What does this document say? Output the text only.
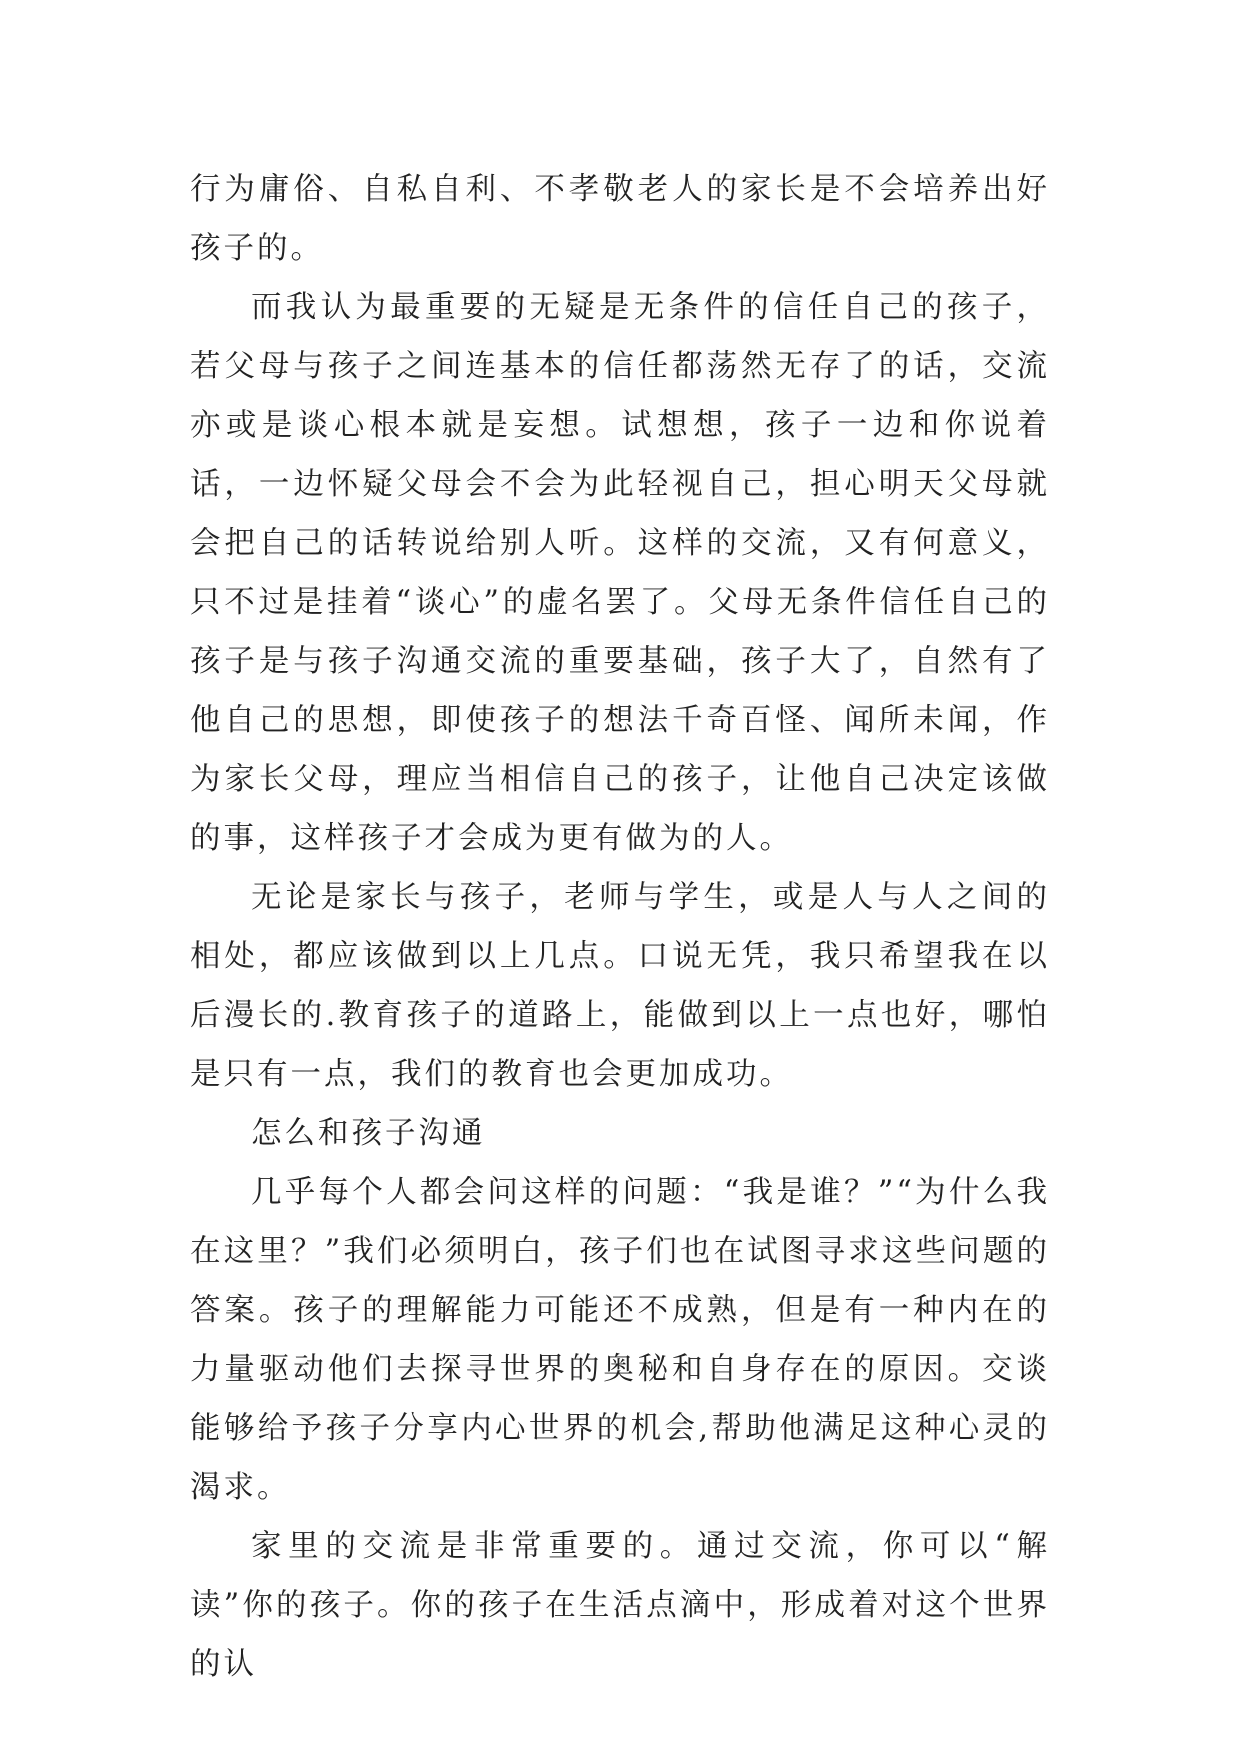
行为庸俗、自私自利、不孝敬老人的家长是不会培养出好孩子的。

而我认为最重要的无疑是无条件的信任自己的孩子，若父母与孩子之间连基本的信任都荡然无存了的话，交流亦或是谈心根本就是妄想。试想想，孩子一边和你说着话，一边怀疑父母会不会为此轻视自己，担心明天父母就会把自己的话转说给别人听。这样的交流，又有何意义，只不过是挂着“谈心”的虚名罢了。父母无条件信任自己的孩子是与孩子沟通交流的重要基础，孩子大了，自然有了他自己的思想，即使孩子的想法千奇百怪、闻所未闻，作为家长父母，理应当相信自己的孩子，让他自己决定该做的事，这样孩子才会成为更有做为的人。

无论是家长与孩子，老师与学生，或是人与人之间的相处，都应该做到以上几点。口说无凭，我只希望我在以后漫长的.教育孩子的道路上，能做到以上一点也好，哪怕是只有一点，我们的教育也会更加成功。

怎么和孩子沟通

几乎每个人都会问这样的问题：“我是谁？”“为什么我在这里？”我们必须明白，孩子们也在试图寻求这些问题的答案。孩子的理解能力可能还不成熟，但是有一种内在的力量驱动他们去探寻世界的奥秘和自身存在的原因。交谈能够给予孩子分享内心世界的机会,帮助他满足这种心灵的渴求。

家里的交流是非常重要的。通过交流，你可以“解读”你的孩子。你的孩子在生活点滴中，形成着对这个世界的认
